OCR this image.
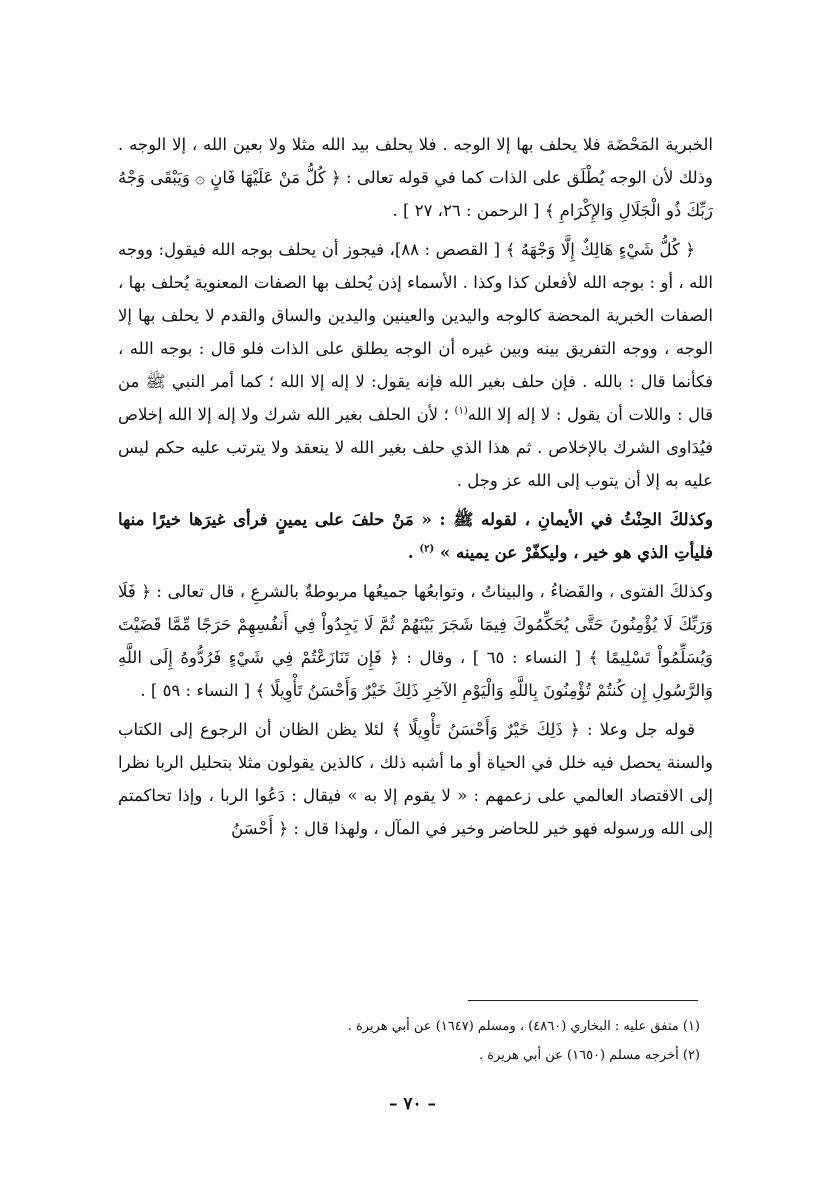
الخبرية المَحْضَة فلا يحلف بها إلا الوجه . فلا يحلف بيد الله مثلا ولا بعين الله ، إلا الوجه . وذلك لأن الوجه يُطْلَق على الذات كما في قوله تعالى : ﴿ كُلُّ مَنْ عَلَيْهَا فَانٍ ۞ وَيَبْقَى وَجْهُ رَبِّكَ ذُو الْجَلَالِ وَالإِكْرَامِ ﴾ [ الرحمن : ٢٦، ٢٧ ] .

﴿ كُلُّ شَيْءٍ هَالِكٌ إِلَّا وَجْهَهُ ﴾ [ القصص : ٨٨]، فيجوز أن يحلف بوجه الله فيقول: ووجه الله ، أو : بوجه الله لأفعلن كذا وكذا . الأسماء إذن يُحلف بها الصفات المعنوية يُحلف بها ، الصفات الخبرية المحضة كالوجه واليدين والعينين واليدين والساق والقدم لا يحلف بها إلا الوجه ، ووجه التفريق بينه وبين غيره أن الوجه يطلق على الذات فلو قال : بوجه الله ، فكأنما قال : بالله . فإن حلف بغير الله فإنه يقول: لا إله إلا الله ؛ كما أمر النبي ﷺ من قال : واللات أن يقول : لا إله إلا الله$^{(١)}$ ؛ لأن الحلف بغير الله شرك ولا إله إلا الله إخلاص فيُدَاوى الشرك بالإخلاص . ثم هذا الذي حلف بغير الله لا ينعقد ولا يترتب عليه حكم ليس عليه به إلا أن يتوب إلى الله عز وجل .

وكذلكَ الحِنْثُ في الأيمانِ ، لقوله ﷺ : « مَنْ حلفَ على يمينٍ فرأى غيرَها خيرًا منها فليأتِ الذي هو خير ، وليكفّرْ عن يمينه » $^{(٢)}$ .

وكذلكَ الفتوى ، والقَضاءُ ، والبيناتُ ، وتوابعُها جميعُها مربوطةٌ بالشرعِ ، قال تعالى : ﴿ فَلَا وَرَبِّكَ لَا يُؤْمِنُونَ حَتَّى يُحَكِّمُوكَ فِيمَا شَجَرَ بَيْنَهُمْ ثُمَّ لَا يَجِدُواْ فِي أَنفُسِهِمْ حَرَجًا مِّمَّا قَضَيْتَ وَيُسَلِّمُواْ تَسْلِيمًا ﴾ [ النساء : ٦٥ ] ، وقال : ﴿ فَإِن تَنَازَعْتُمْ فِي شَيْءٍ فَرُدُّوهُ إِلَى اللَّهِ وَالرَّسُولِ إِن كُنتُمْ تُؤْمِنُونَ بِاللَّهِ وَالْيَوْمِ الآخِرِ ذَلِكَ خَيْرٌ وَأَحْسَنُ تَأْوِيلًا ﴾ [ النساء : ٥٩ ] .

قوله جل وعلا : ﴿ ذَلِكَ خَيْرٌ وَأَحْسَنُ تَأْوِيلًا ﴾ لئلا يظن الظان أن الرجوع إلى الكتاب والسنة يحصل فيه خلل في الحياة أو ما أشبه ذلك ، كالذين يقولون مثلا بتحليل الربا نظرا إلى الاقتصاد العالمي على زعمهم : « لا يقوم إلا به » فيقال : دَعُوا الربا ، وإذا تحاكمتم إلى الله ورسوله فهو خير للحاضر وخير في المآل ، ولهذا قال : ﴿ أَحْسَنُ

(١) متفق عليه : البخاري (٤٨٦٠) ، ومسلم (١٦٤٧) عن أبي هريرة .

(٢) أخرجه مسلم (١٦٥٠) عن أبي هريرة .

– ٧٠ –
